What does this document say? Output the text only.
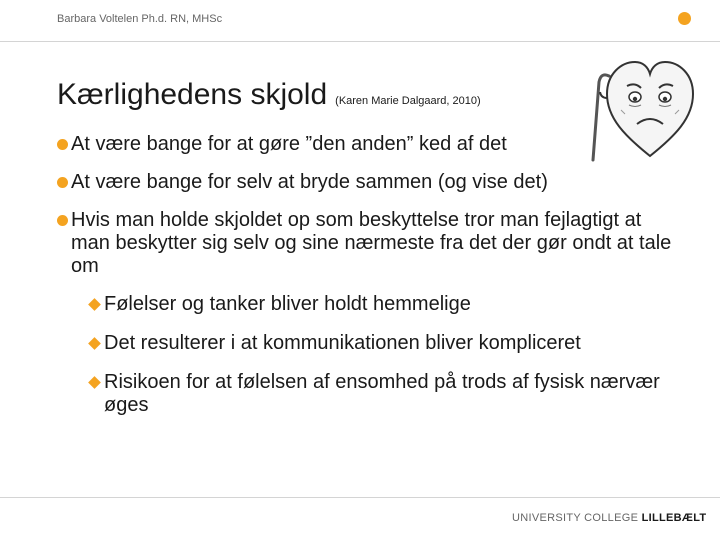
Barbara Voltelen Ph.d. RN, MHSc
Kærlighedens skjold (Karen Marie Dalgaard, 2010)
At være bange for at gøre ”den anden” ked af det
At være bange for selv at bryde sammen (og vise det)
Hvis man holde skjoldet op som beskyttelse tror man fejlagtigt at man beskytter sig selv og sine nærmeste fra det der gør ondt at tale om
Følelser og tanker bliver holdt hemmelige
Det resulterer i at kommunikationen bliver kompliceret
Risikoen for at følelsen af ensomhed på trods af fysisk nærvær øges
UNIVERSITY COLLEGE LILLEBÆLT
